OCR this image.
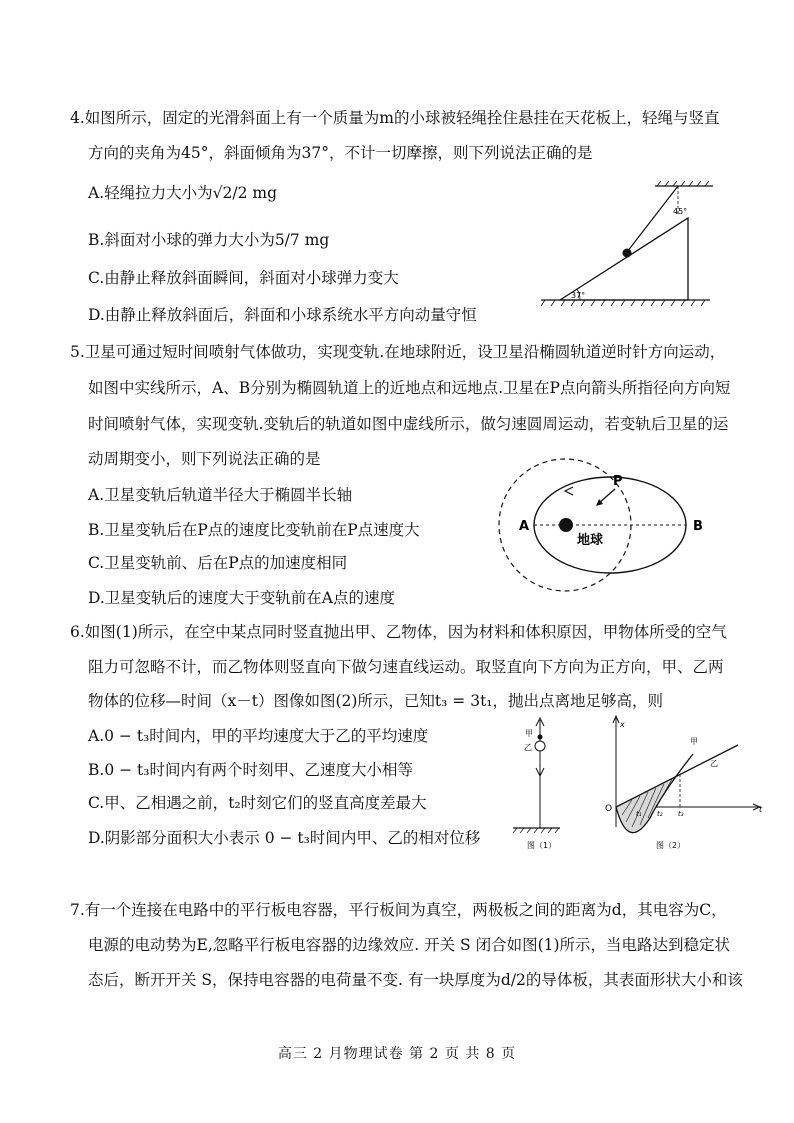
4.如图所示，固定的光滑斜面上有一个质量为m的小球被轻绳拴住悬挂在天花板上，轻绳与竖直
方向的夹角为45°，斜面倾角为37°，不计一切摩擦，则下列说法正确的是
A.轻绳拉力大小为√2/2 mg
B.斜面对小球的弹力大小为5/7 mg
C.由静止释放斜面瞬间，斜面对小球弹力变大
D.由静止释放斜面后，斜面和小球系统水平方向动量守恒
37°
45°
5.卫星可通过短时间喷射气体做功，实现变轨.在地球附近，设卫星沿椭圆轨道逆时针方向运动，
如图中实线所示，A、B分别为椭圆轨道上的近地点和远地点.卫星在P点向箭头所指径向方向短
时间喷射气体，实现变轨.变轨后的轨道如图中虚线所示，做匀速圆周运动，若变轨后卫星的运
动周期变小，则下列说法正确的是
A.卫星变轨后轨道半径大于椭圆半长轴
B.卫星变轨后在P点的速度比变轨前在P点速度大
C.卫星变轨前、后在P点的加速度相同
D.卫星变轨后的速度大于变轨前在A点的速度
地球
A	B
P
6.如图(1)所示，在空中某点同时竖直抛出甲、乙物体，因为材料和体积原因，甲物体所受的空气
阻力可忽略不计，而乙物体则竖直向下做匀速直线运动。取竖直向下方向为正方向，甲、乙两
物体的位移—时间（x－t）图像如图(2)所示，已知t₃ = 3t₁，抛出点离地足够高，则
A.0 − t₃时间内，甲的平均速度大于乙的平均速度
B.0 − t₃时间内有两个时刻甲、乙速度大小相等
C.甲、乙相遇之前，t₂时刻它们的竖直高度差最大
D.阴影部分面积大小表示 0 − t₃时间内甲、乙的相对位移
甲
乙
图（1）
x
t
O
甲
乙
t₁ t₂ t₃
图（2）
7.有一个连接在电路中的平行板电容器，平行板间为真空，两极板之间的距离为d，其电容为C，
电源的电动势为E,忽略平行板电容器的边缘效应. 开关 S 闭合如图(1)所示，当电路达到稳定状
态后，断开开关 S，保持电容器的电荷量不变. 有一块厚度为d/2的导体板，其表面形状大小和该
高三 2 月物理试卷 第 2 页 共 8 页
